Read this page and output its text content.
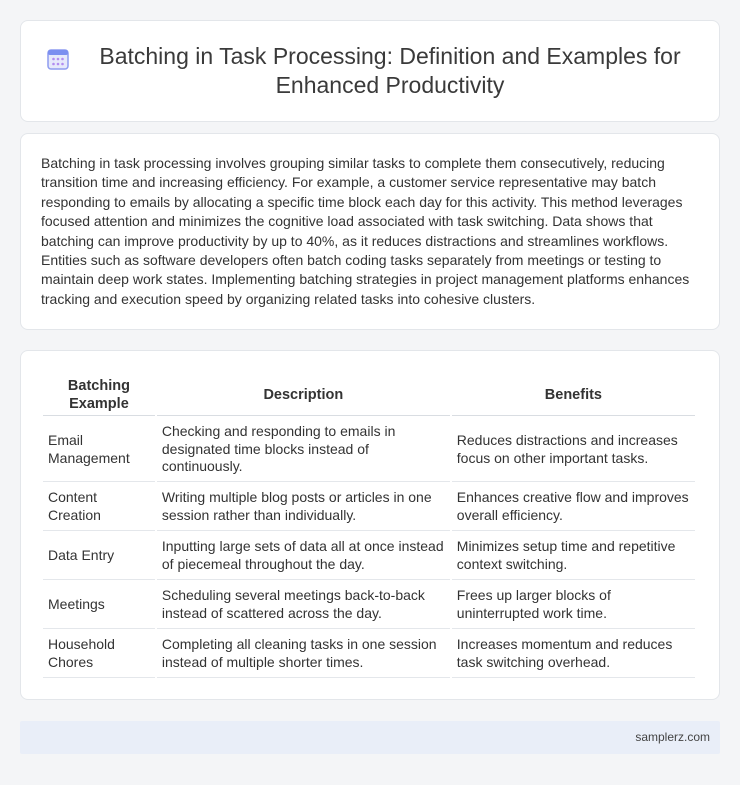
Batching in Task Processing: Definition and Examples for Enhanced Productivity

Batching in task processing involves grouping similar tasks to complete them consecutively, reducing transition time and increasing efficiency. For example, a customer service representative may batch responding to emails by allocating a specific time block each day for this activity. This method leverages focused attention and minimizes the cognitive load associated with task switching. Data shows that batching can improve productivity by up to 40%, as it reduces distractions and streamlines workflows. Entities such as software developers often batch coding tasks separately from meetings or testing to maintain deep work states. Implementing batching strategies in project management platforms enhances tracking and execution speed by organizing related tasks into cohesive clusters.

Batching Example	Description	Benefits
Email Management	Checking and responding to emails in designated time blocks instead of continuously.	Reduces distractions and increases focus on other important tasks.
Content Creation	Writing multiple blog posts or articles in one session rather than individually.	Enhances creative flow and improves overall efficiency.
Data Entry	Inputting large sets of data all at once instead of piecemeal throughout the day.	Minimizes setup time and repetitive context switching.
Meetings	Scheduling several meetings back-to-back instead of scattered across the day.	Frees up larger blocks of uninterrupted work time.
Household Chores	Completing all cleaning tasks in one session instead of multiple shorter times.	Increases momentum and reduces task switching overhead.
samplerz.com
